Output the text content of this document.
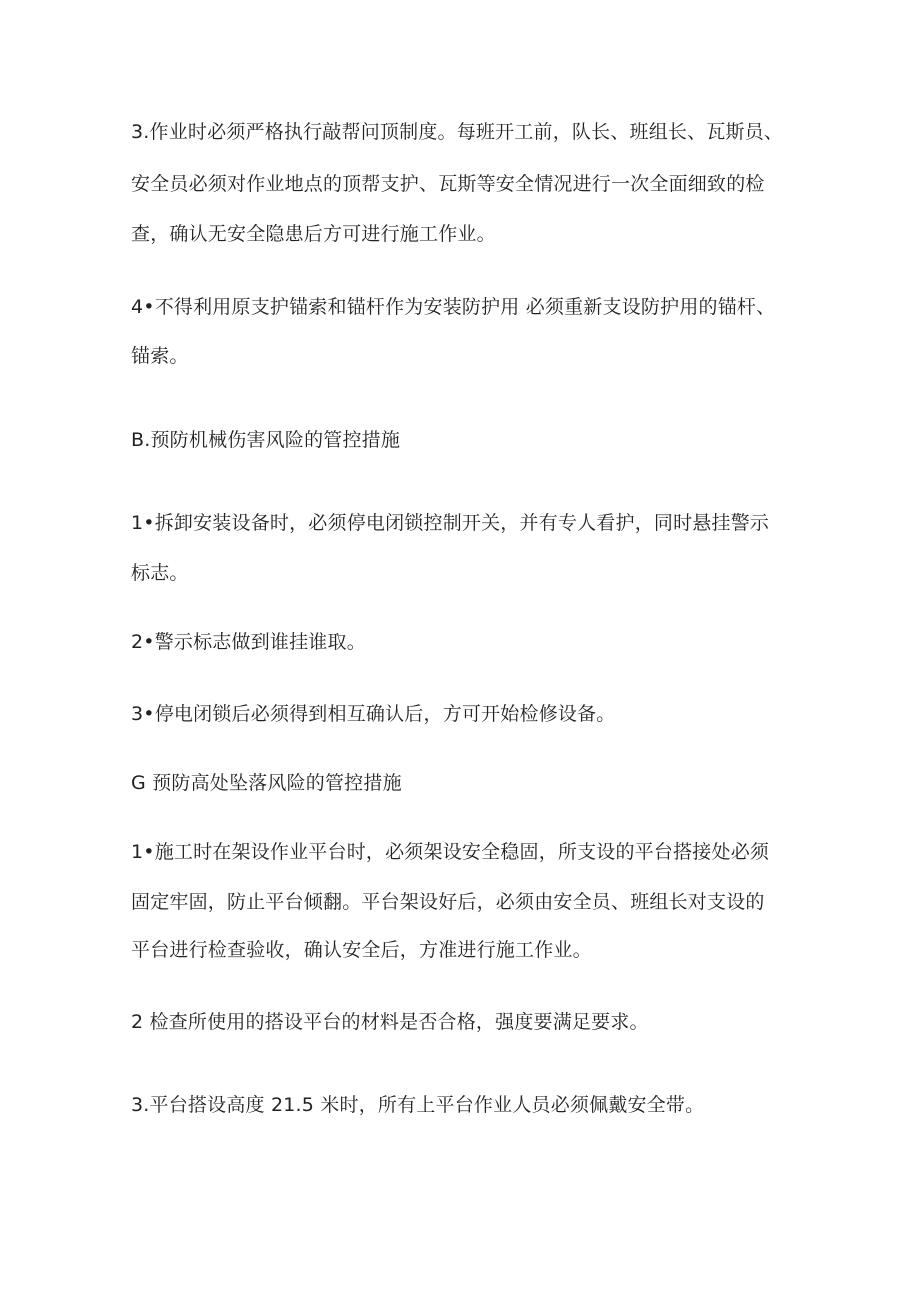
3.作业时必须严格执行敲帮问顶制度。每班开工前，队长、班组长、瓦斯员、
安全员必须对作业地点的顶帮支护、瓦斯等安全情况进行一次全面细致的检
查，确认无安全隐患后方可进行施工作业。
4•不得利用原支护锚索和锚杆作为安装防护用 必须重新支设防护用的锚杆、
锚索。
B.预防机械伤害风险的管控措施
1•拆卸安装设备时，必须停电闭锁控制开关，并有专人看护，同时悬挂警示
标志。
2•警示标志做到谁挂谁取。
3•停电闭锁后必须得到相互确认后，方可开始检修设备。
G 预防高处坠落风险的管控措施
1•施工时在架设作业平台时，必须架设安全稳固，所支设的平台搭接处必须
固定牢固，防止平台倾翻。平台架设好后，必须由安全员、班组长对支设的
平台进行检查验收，确认安全后，方准进行施工作业。
2 检查所使用的搭设平台的材料是否合格，强度要满足要求。
3.平台搭设高度 21.5 米时，所有上平台作业人员必须佩戴安全带。
